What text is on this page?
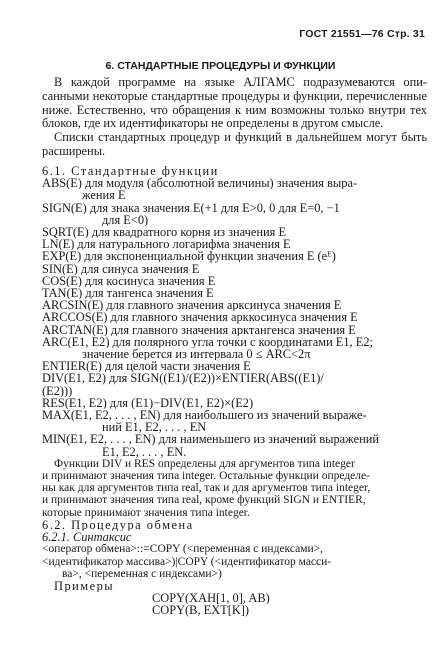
ГОСТ 21551—76 Стр. 31
6. СТАНДАРТНЫЕ ПРОЦЕДУРЫ И ФУНКЦИИ

В каждой программе на языке АЛГАМС подразумеваются описанными некоторые стандартные процедуры и функции, перечисленные ниже. Естественно, что обращения к ним возможны только внутри тех блоков, где их идентификаторы не определены в другом смысле.

Списки стандартных процедур и функций в дальнейшем могут быть расширены.

6.1. Стандартные функции
ABS(E) для модуля (абсолютной величины) значения выра-
жения Е
SIGN(E) для знака значения E(+1 для E>0, 0 для E=0, −1
для E<0)
SQRT(E) для квадратного корня из значения Е
LN(E) для натурального логарифма значения Е
EXP(E) для экспоненциальной функции значения Е (eᴱ)
SIN(E) для синуса значения Е
COS(E) для косинуса значения Е
TAN(E) для тангенса значения Е
ARCSIN(E) для главного значения арксинуса значения Е
ARCCOS(E) для главного значения арккосинуса значения Е
ARCTAN(E) для главного значения арктангенса значения Е
ARC(E1, E2) для полярного угла точки с координатами Е1, Е2;
значение берется из интервала 0 ≤ ARC<2π
ENTIER(E) для целой части значения Е
DIV(E1, E2) для SIGN((E1)/(E2))×ENTIER(ABS((E1)/
(E2)))
RES(E1, E2) для (E1)−DIV(E1, E2)×(E2)
MAX(E1, E2, . . . , EN) для наибольшего из значений выраже-
ний Е1, Е2, . . . , EN
MIN(E1, E2, . . . , EN) для наименьшего из значений выражений
Е1, Е2, . . . , EN.
Функции DIV и RES определены для аргументов типа integer
и принимают значения типа integer. Остальные функции определе-
ны как для аргументов типа real, так и для аргументов типа integer,
и принимают значения типа real, кроме функций SIGN и ENTIER,
которые принимают значения типа integer.
6.2. Процедура обмена
6.2.1. Синтаксис
<оператор обмена>::=COPY (<переменная с индексами>,
<идентификатор массива>)|COPY (<идентификатор масси-
ва>, <переменная с индексами>)
Примеры
COPY(XAH[1, 0], AB)
COPY(B, EXT[K])
